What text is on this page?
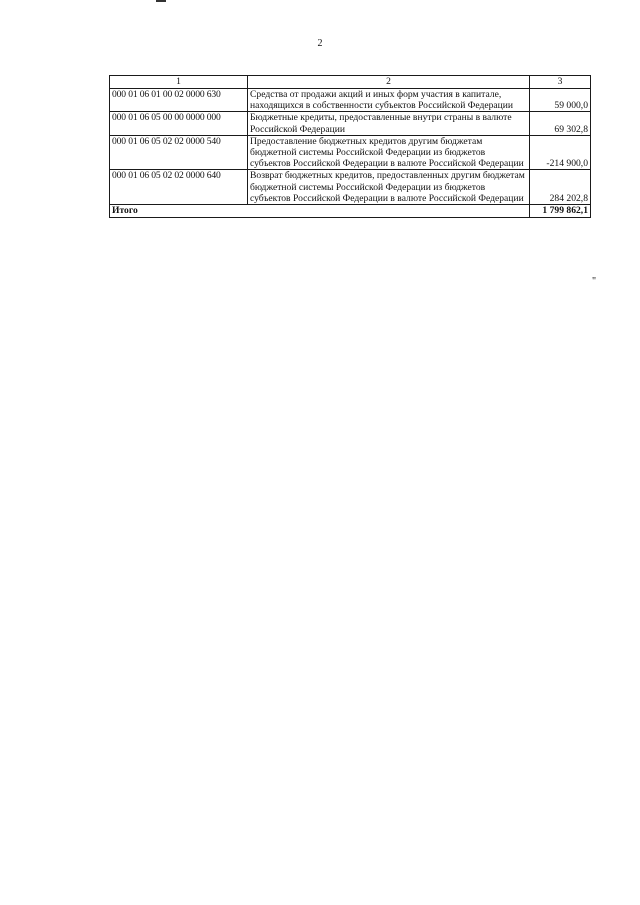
2
1	2	3
000 01 06 01 00 02 0000 630	Средства от продажи акций и иных форм участия в капитале, находящихся в собственности субъектов Российской Федерации	59 000,0
000 01 06 05 00 00 0000 000	Бюджетные кредиты, предоставленные внутри страны в валюте Российской Федерации	69 302,8
000 01 06 05 02 02 0000 540	Предоставление бюджетных кредитов другим бюджетам бюджетной системы Российской Федерации из бюджетов субъектов Российской Федерации в валюте Российской Федерации	-214 900,0
000 01 06 05 02 02 0000 640	Возврат бюджетных кредитов, предоставленных другим бюджетам бюджетной системы Российской Федерации из бюджетов субъектов Российской Федерации в валюте Российской Федерации	284 202,8
Итого		1 799 862,1
"
